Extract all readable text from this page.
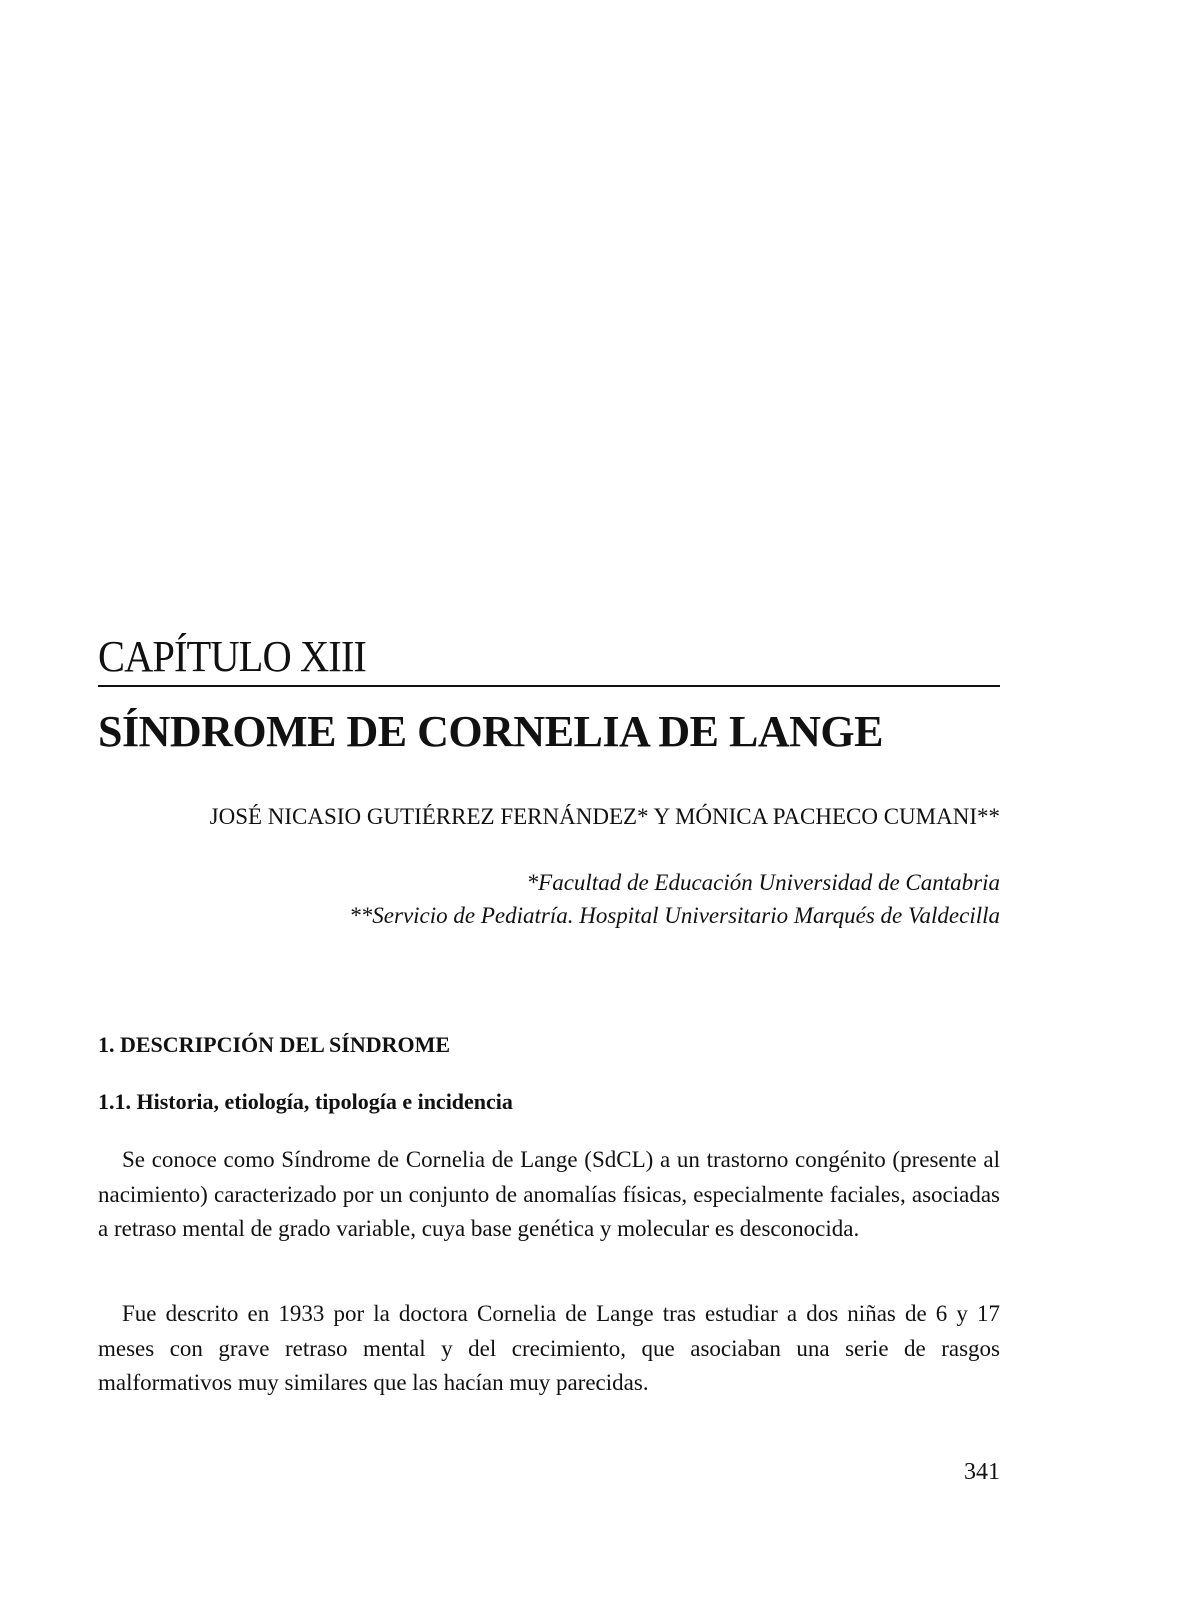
CAPÍTULO XIII
SÍNDROME DE CORNELIA DE LANGE
JOSÉ NICASIO GUTIÉRREZ FERNÁNDEZ* Y MÓNICA PACHECO CUMANI**
*Facultad de Educación Universidad de Cantabria
**Servicio de Pediatría. Hospital Universitario Marqués de Valdecilla
1. DESCRIPCIÓN DEL SÍNDROME
1.1. Historia, etiología, tipología e incidencia

Se conoce como Síndrome de Cornelia de Lange (SdCL) a un trastorno congénito (presente al nacimiento) caracterizado por un conjunto de anomalías físicas, especialmente faciales, asociadas a retraso mental de grado variable, cuya base genética y molecular es desconocida.

Fue descrito en 1933 por la doctora Cornelia de Lange tras estudiar a dos niñas de 6 y 17 meses con grave retraso mental y del crecimiento, que asociaban una serie de rasgos malformativos muy similares que las hacían muy parecidas.

341
